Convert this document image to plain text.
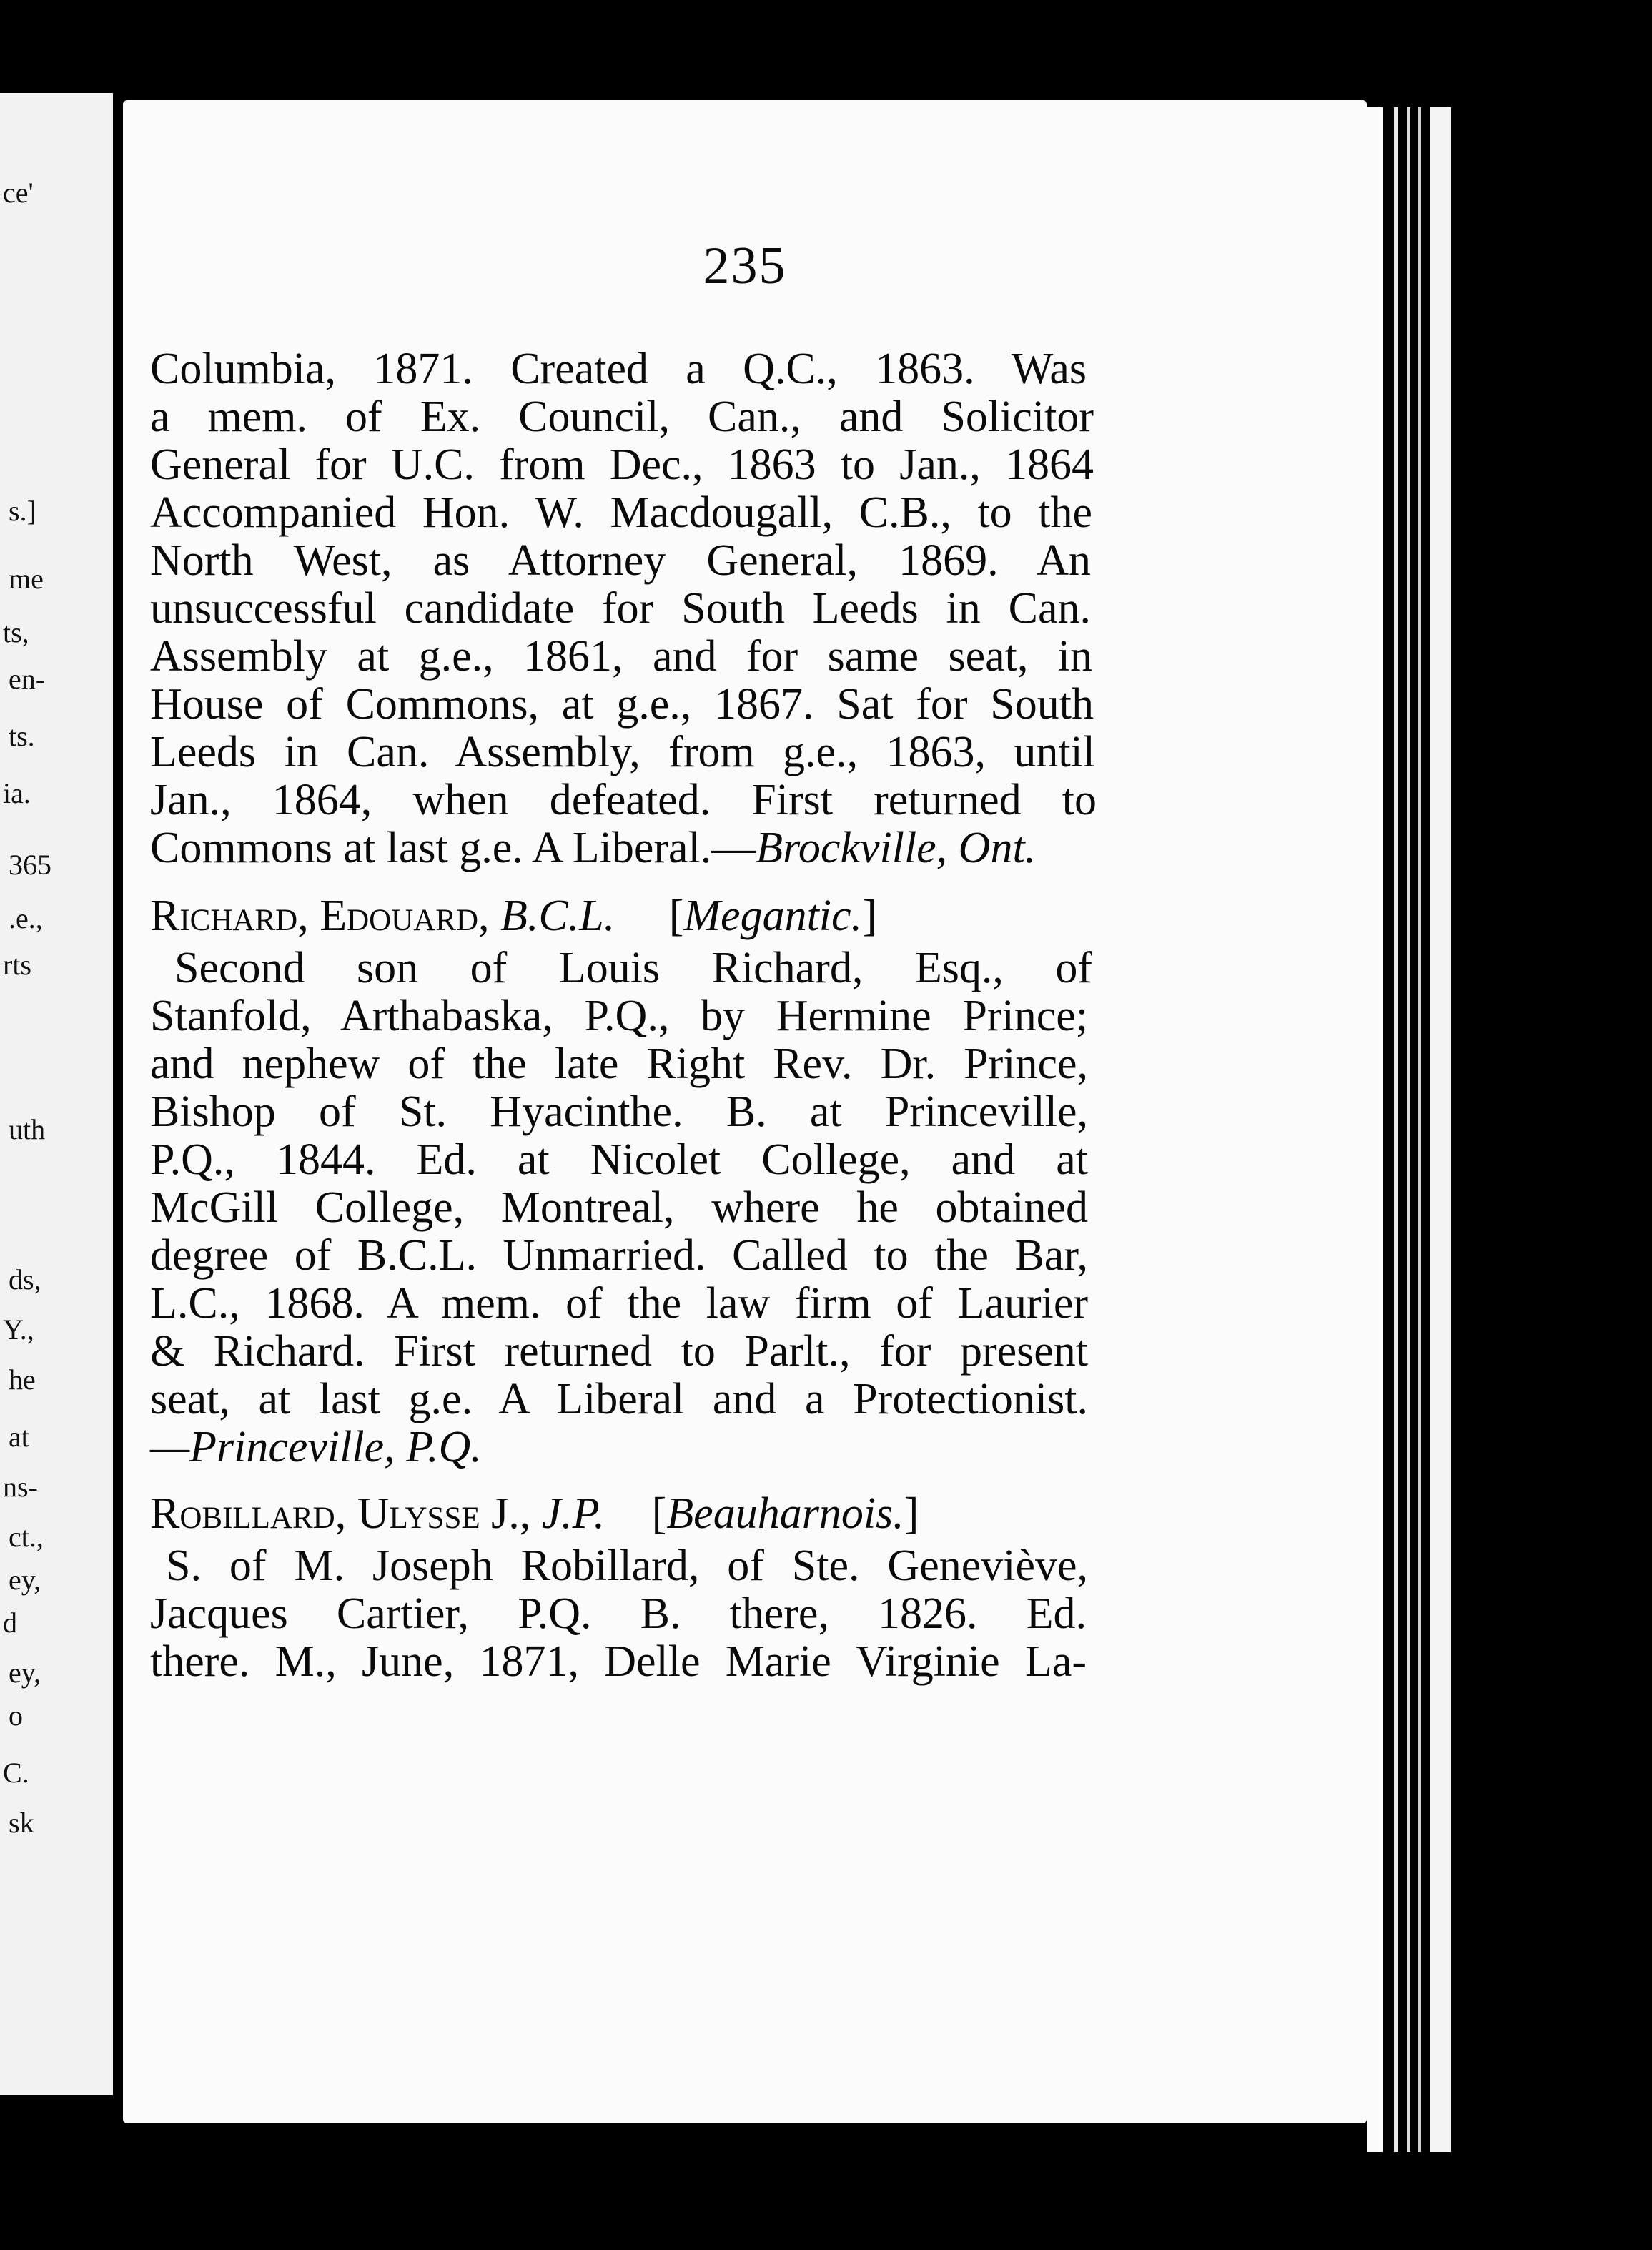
ce'
s.]
me
ts,
en-
ts.
ia.
365
.e.,
rts
uth
ds,
Y.,
he
at
ns-
ct.,
ey,
d
ey,
o
C.
sk
235
Columbia, 1871. Created a Q.C., 1863. Was
a mem. of Ex. Council, Can., and Solicitor
General for U.C. from Dec., 1863 to Jan., 1864
Accompanied Hon. W. Macdougall, C.B., to the
North West, as Attorney General, 1869. An
unsuccessful candidate for South Leeds in Can.
Assembly at g.e., 1861, and for same seat, in
House of Commons, at g.e., 1867. Sat for South
Leeds in Can. Assembly, from g.e., 1863, until
Jan., 1864, when defeated. First returned to
Commons at last g.e. A Liberal.—Brockville, Ont.
Richard, Edouard, B.C.L. [Megantic.]
Second son of Louis Richard, Esq., of
Stanfold, Arthabaska, P.Q., by Hermine Prince;
and nephew of the late Right Rev. Dr. Prince,
Bishop of St. Hyacinthe. B. at Princeville,
P.Q., 1844. Ed. at Nicolet College, and at
McGill College, Montreal, where he obtained
degree of B.C.L. Unmarried. Called to the Bar,
L.C., 1868. A mem. of the law firm of Laurier
& Richard. First returned to Parlt., for present
seat, at last g.e. A Liberal and a Protectionist.
—Princeville, P.Q.
Robillard, Ulysse J., J.P. [Beauharnois.]
S. of M. Joseph Robillard, of Ste. Geneviève,
Jacques Cartier, P.Q. B. there, 1826. Ed.
there. M., June, 1871, Delle Marie Virginie La-
